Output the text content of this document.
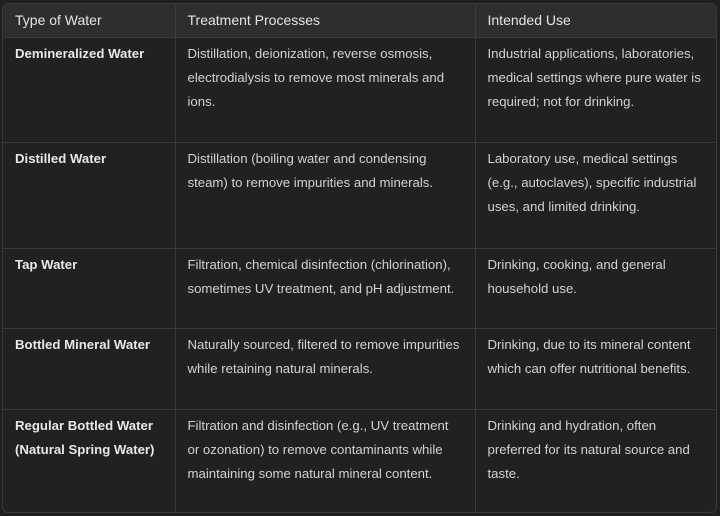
Type of Water	Treatment Processes	Intended Use
Demineralized Water	Distillation, deionization, reverse osmosis, electrodialysis to remove most minerals and ions.	Industrial applications, laboratories, medical settings where pure water is required; not for drinking.
Distilled Water	Distillation (boiling water and condensing steam) to remove impurities and minerals.	Laboratory use, medical settings (e.g., autoclaves), specific industrial uses, and limited drinking.
Tap Water	Filtration, chemical disinfection (chlorination), sometimes UV treatment, and pH adjustment.	Drinking, cooking, and general household use.
Bottled Mineral Water	Naturally sourced, filtered to remove impurities while retaining natural minerals.	Drinking, due to its mineral content which can offer nutritional benefits.
Regular Bottled Water (Natural Spring Water)	Filtration and disinfection (e.g., UV treatment or ozonation) to remove contaminants while maintaining some natural mineral content.	Drinking and hydration, often preferred for its natural source and taste.
